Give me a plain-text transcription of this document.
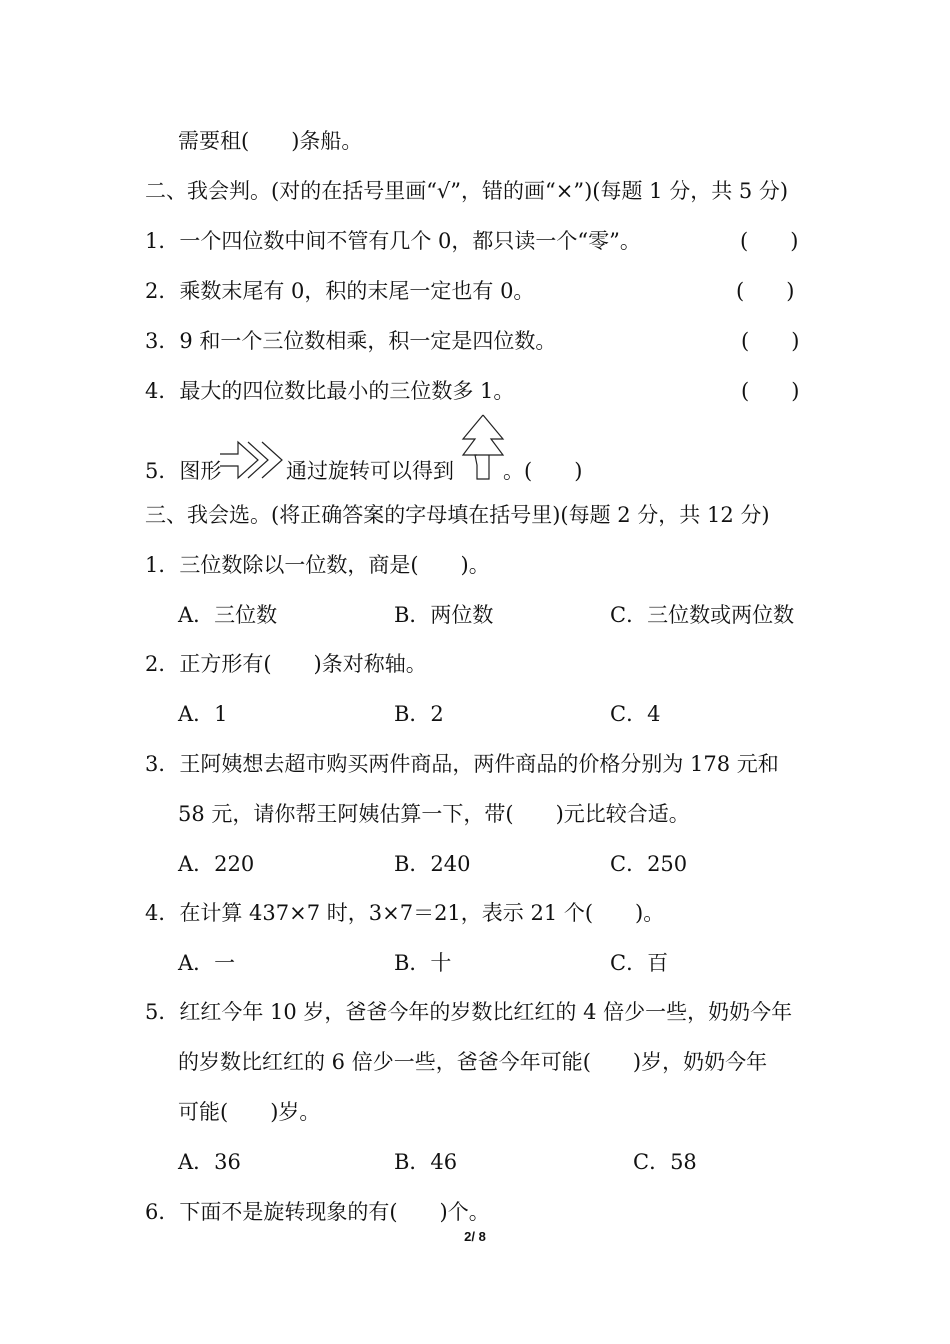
需要租(　　)条船。
二、我会判。(对的在括号里画“√”，错的画“×”)(每题 1 分，共 5 分)
1．一个四位数中间不管有几个 0，都只读一个“零”。	(　　)
2．乘数末尾有 0，积的末尾一定也有 0。	(　　)
3．9 和一个三位数相乘，积一定是四位数。	(　　)
4．最大的四位数比最小的三位数多 1。	(　　)
5．图形	通过旋转可以得到 。(　　)
三、我会选。(将正确答案的字母填在括号里)(每题 2 分，共 12 分)
1．三位数除以一位数，商是(　　)。
A．三位数	B．两位数	C．三位数或两位数
2．正方形有(　　)条对称轴。
A．1	B．2	C．4
3．王阿姨想去超市购买两件商品，两件商品的价格分别为 178 元和
58 元，请你帮王阿姨估算一下，带(　　)元比较合适。
A．220	B．240	C．250
4．在计算 437×7 时，3×7＝21，表示 21 个(　　)。
A．一	B．十	C．百
5．红红今年 10 岁，爸爸今年的岁数比红红的 4 倍少一些，奶奶今年
的岁数比红红的 6 倍少一些，爸爸今年可能(　　)岁，奶奶今年
可能(　　)岁。
A．36	B．46	C．58
6．下面不是旋转现象的有(　　)个。
2/ 8
